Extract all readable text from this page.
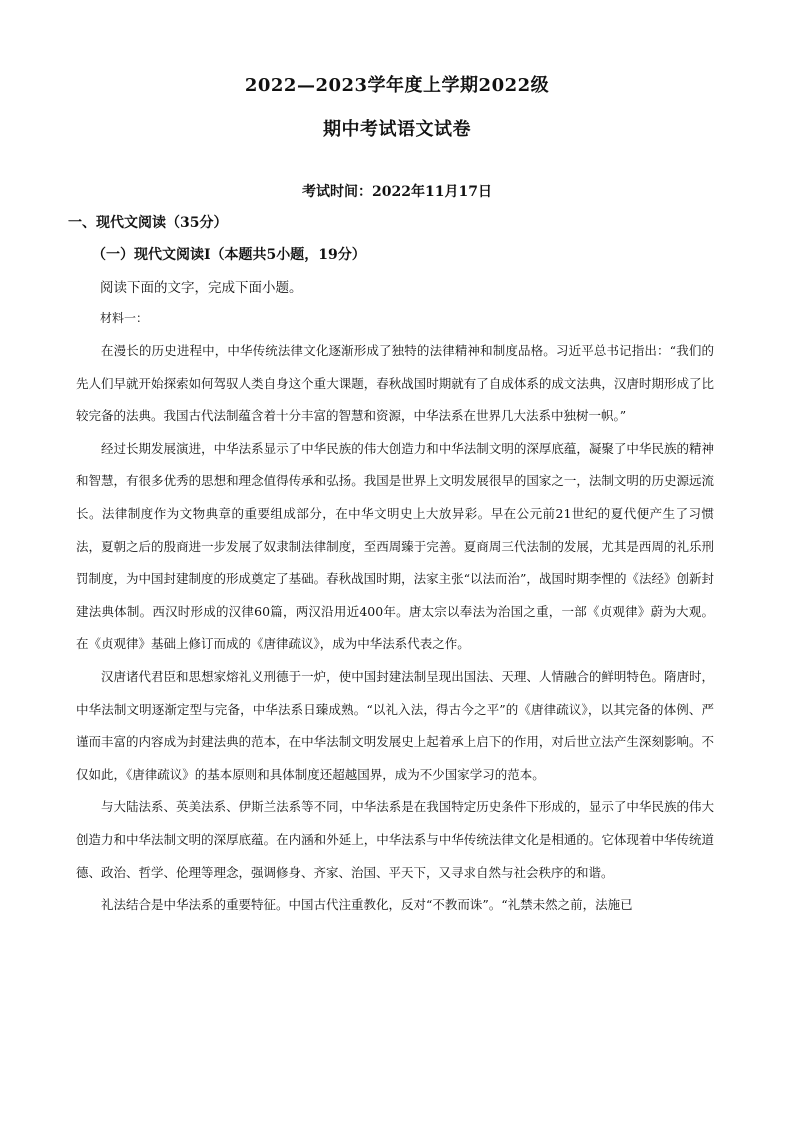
2022—2023学年度上学期2022级
期中考试语文试卷
考试时间：2022年11月17日
一、现代文阅读（35分）
（一）现代文阅读Ⅰ（本题共5小题，19分）
阅读下面的文字，完成下面小题。
材料一：

在漫长的历史进程中，中华传统法律文化逐渐形成了独特的法律精神和制度品格。习近平总书记指出：“我们的先人们早就开始探索如何驾驭人类自身这个重大课题，春秋战国时期就有了自成体系的成文法典，汉唐时期形成了比较完备的法典。我国古代法制蕴含着十分丰富的智慧和资源，中华法系在世界几大法系中独树一帜。”

经过长期发展演进，中华法系显示了中华民族的伟大创造力和中华法制文明的深厚底蕴，凝聚了中华民族的精神和智慧，有很多优秀的思想和理念值得传承和弘扬。我国是世界上文明发展很早的国家之一，法制文明的历史源远流长。法律制度作为文物典章的重要组成部分，在中华文明史上大放异彩。早在公元前21世纪的夏代便产生了习惯法，夏朝之后的殷商进一步发展了奴隶制法律制度，至西周臻于完善。夏商周三代法制的发展，尤其是西周的礼乐刑罚制度，为中国封建制度的形成奠定了基础。春秋战国时期，法家主张“以法而治”，战国时期李悝的《法经》创新封建法典体制。西汉时形成的汉律60篇，两汉沿用近400年。唐太宗以奉法为治国之重，一部《贞观律》蔚为大观。在《贞观律》基础上修订而成的《唐律疏议》，成为中华法系代表之作。

汉唐诸代君臣和思想家熔礼义刑德于一炉，使中国封建法制呈现出国法、天理、人情融合的鲜明特色。隋唐时，中华法制文明逐渐定型与完备，中华法系日臻成熟。“以礼入法，得古今之平”的《唐律疏议》，以其完备的体例、严谨而丰富的内容成为封建法典的范本，在中华法制文明发展史上起着承上启下的作用，对后世立法产生深刻影响。不仅如此，《唐律疏议》的基本原则和具体制度还超越国界，成为不少国家学习的范本。

与大陆法系、英美法系、伊斯兰法系等不同，中华法系是在我国特定历史条件下形成的，显示了中华民族的伟大创造力和中华法制文明的深厚底蕴。在内涵和外延上，中华法系与中华传统法律文化是相通的。它体现着中华传统道德、政治、哲学、伦理等理念，强调修身、齐家、治国、平天下，又寻求自然与社会秩序的和谐。

礼法结合是中华法系的重要特征。中国古代注重教化，反对“不教而诛”。“礼禁未然之前，法施已
